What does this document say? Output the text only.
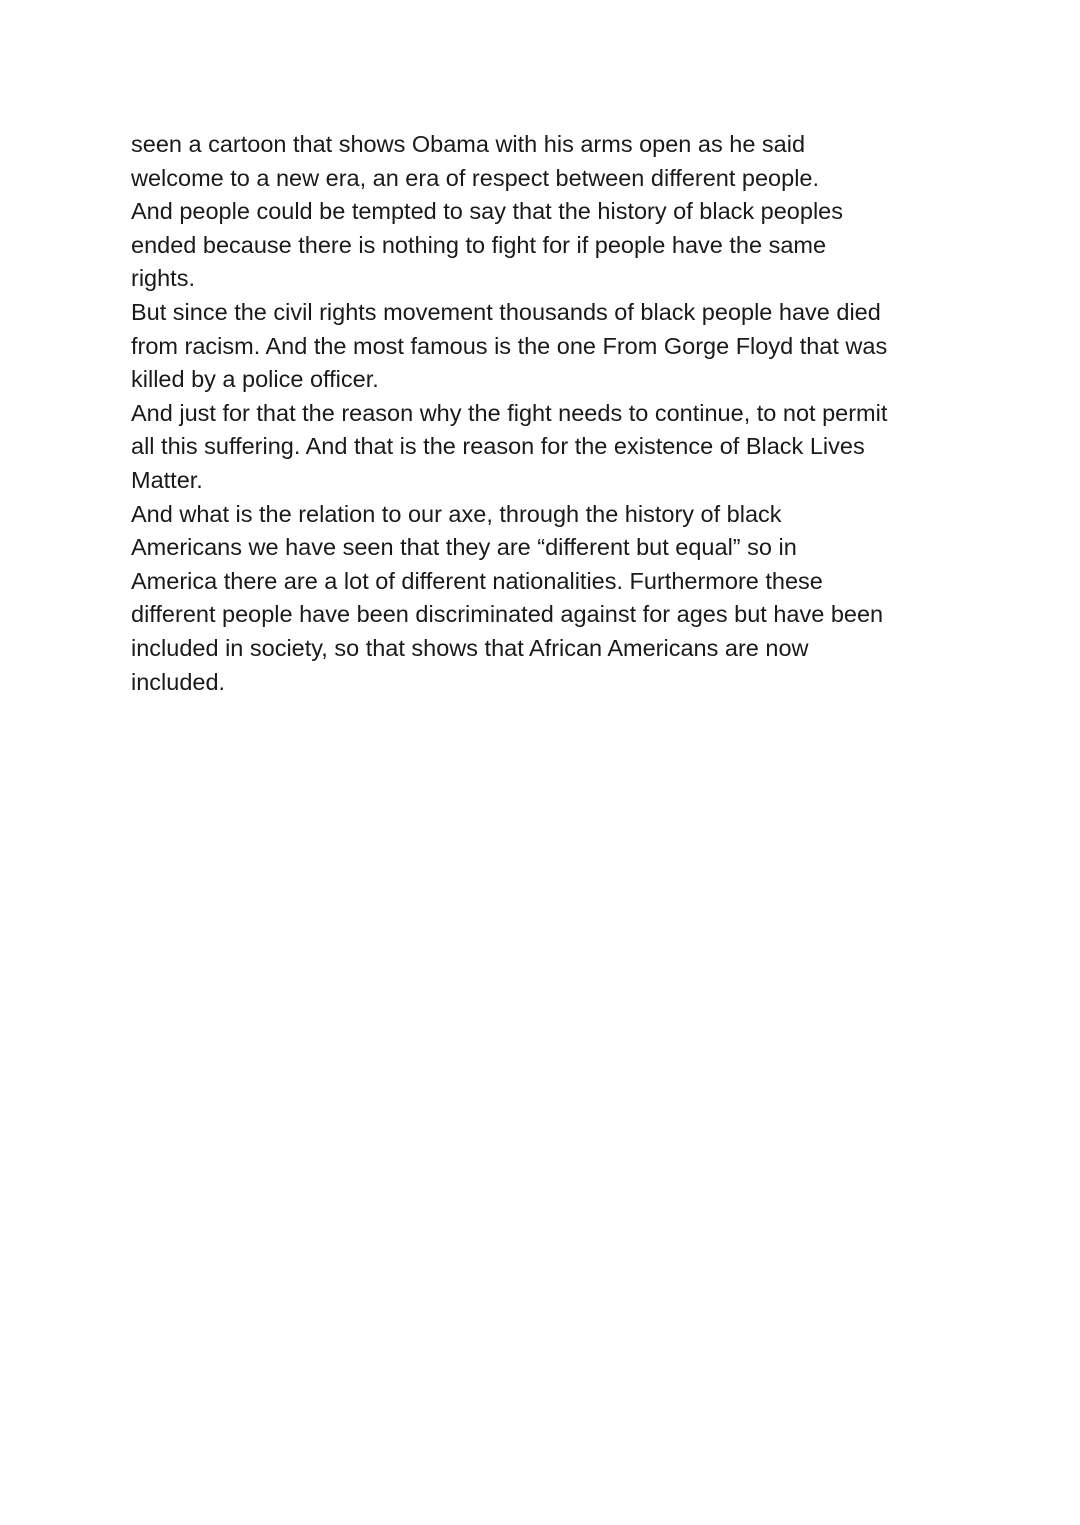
seen a cartoon that shows Obama with his arms open as he said
welcome to a new era, an era of respect between different people.
And people could be tempted to say that the history of black peoples
ended because there is nothing to fight for if people have the same
rights.
But since the civil rights movement thousands of black people have died
from racism. And the most famous is the one From Gorge Floyd that was
killed by a police officer.
And just for that the reason why the fight needs to continue, to not permit
all this suffering. And that is the reason for the existence of Black Lives
Matter.
And what is the relation to our axe, through the history of black
Americans we have seen that they are “different but equal” so in
America there are a lot of different nationalities. Furthermore these
different people have been discriminated against for ages but have been
included in society, so that shows that African Americans are now
included.
